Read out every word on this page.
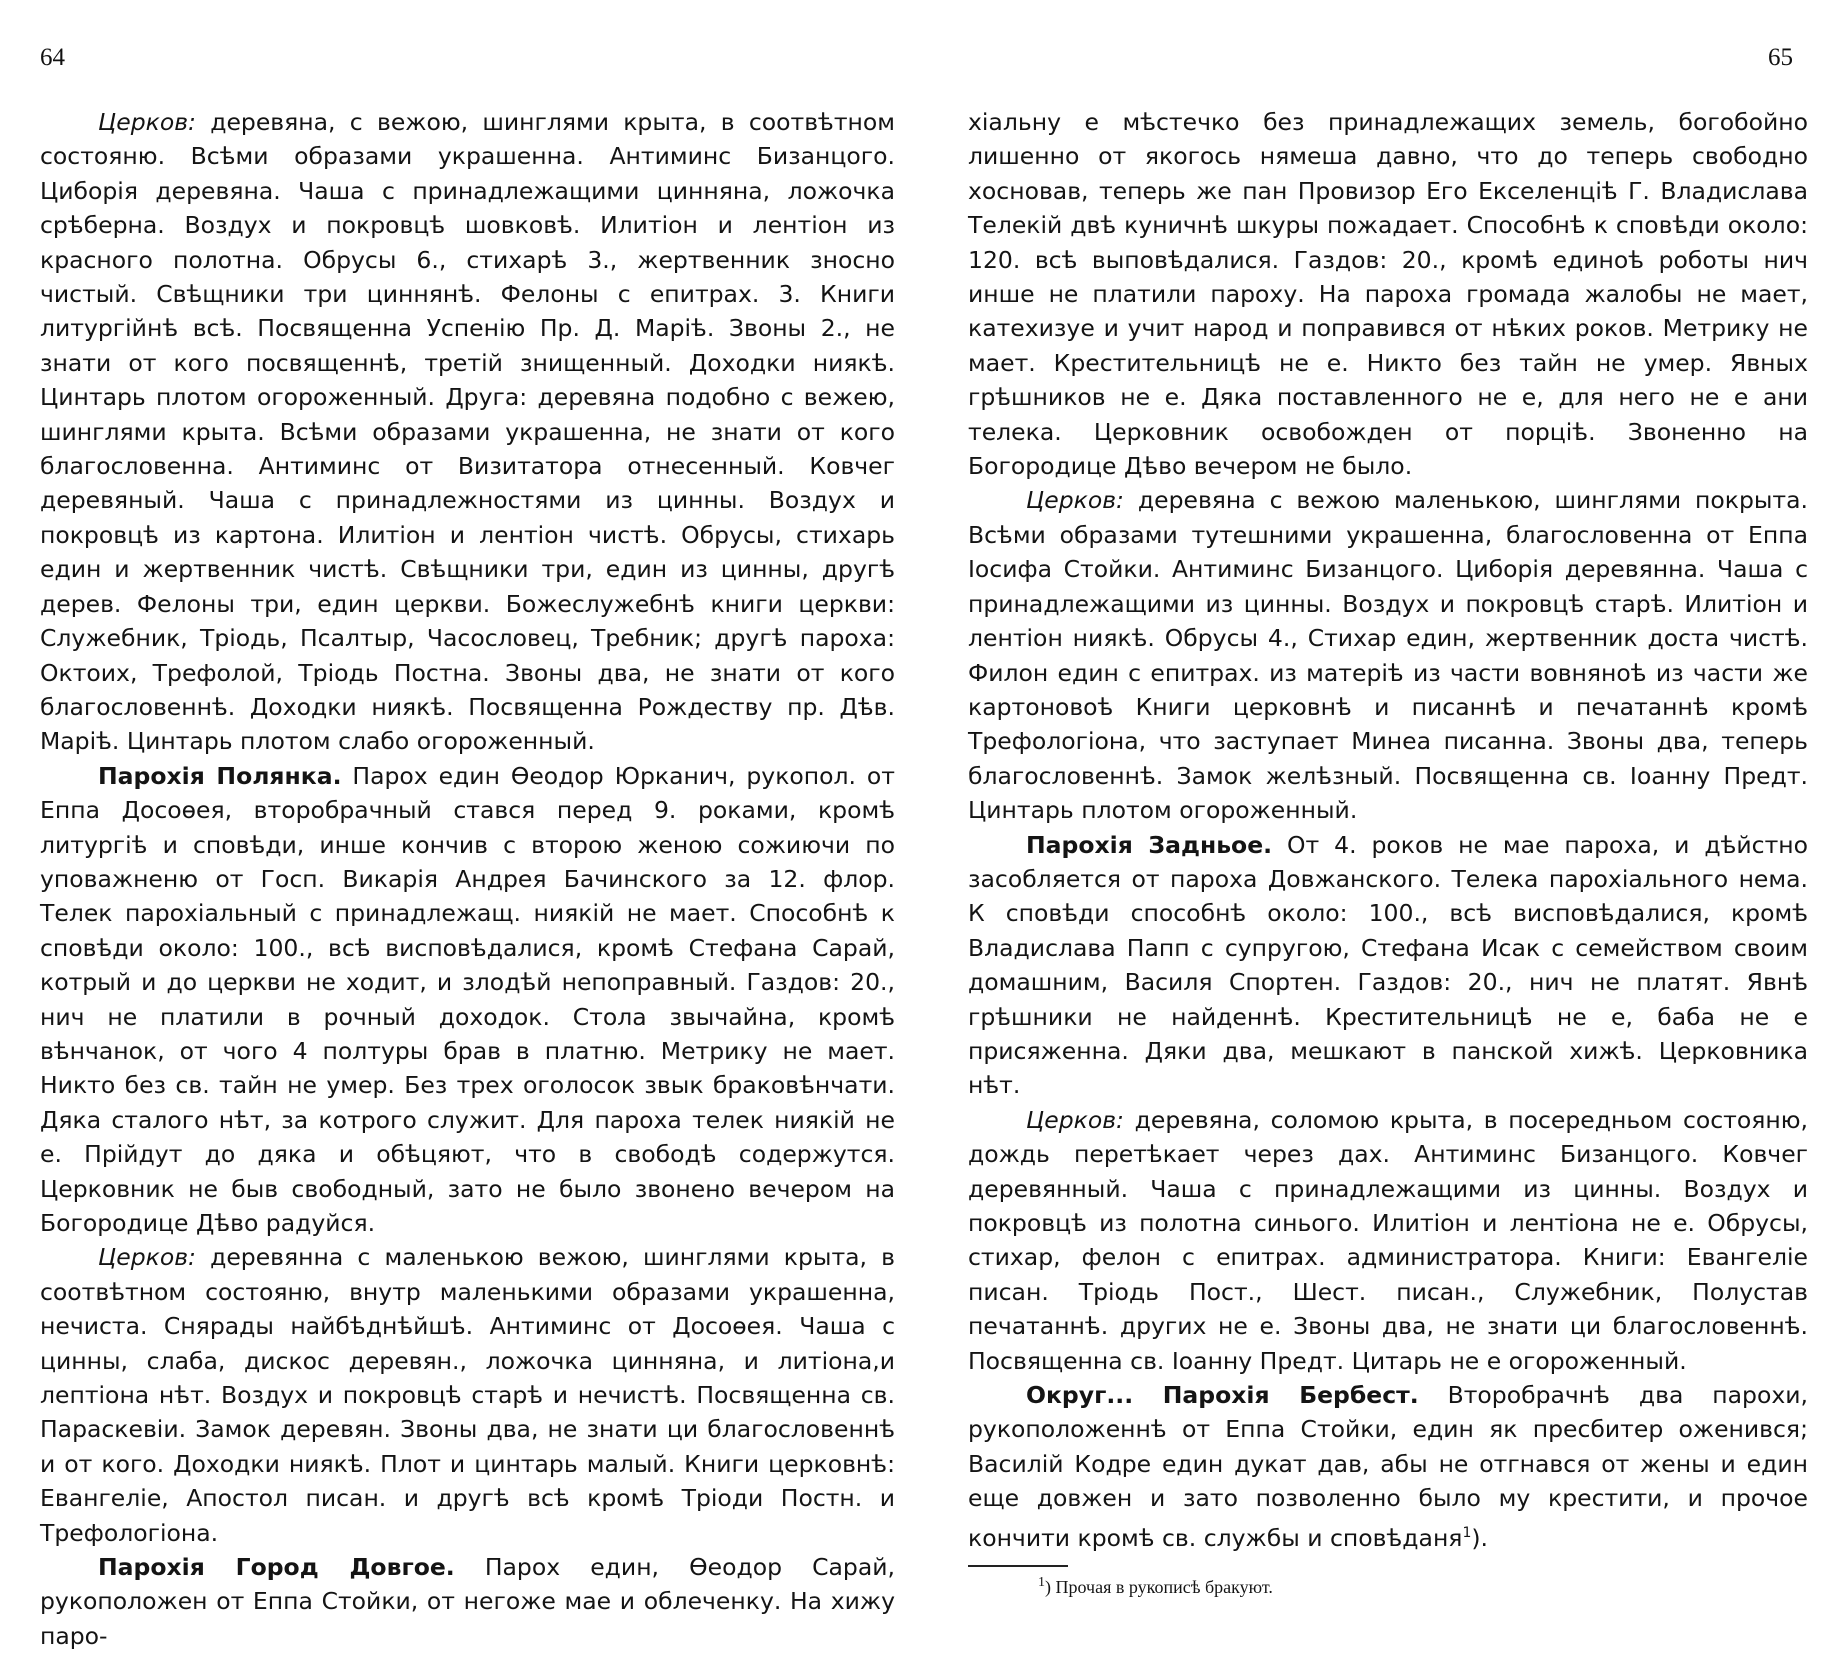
64	65

Церков: деревяна, с вежою, шинглями крыта, в соотвѣтном состояню. Всѣми образами украшенна. Антиминс Бизанцого. Циборія деревяна. Чаша с принадлежащими цинняна, ложочка срѣберна. Воздух и покровцѣ шовковѣ. Илитіон и лентіон из красного полотна. Обрусы 6., стихарѣ 3., жертвенник зносно чистый. Свѣщники три циннянѣ. Фелоны с епитрах. 3. Книги литургійнѣ всѣ. Посвященна Успенію Пр. Д. Маріѣ. Звоны 2., не знати от кого посвященнѣ, третій знищенный. Доходки ниякѣ. Цинтарь плотом огороженный. Друга: деревяна подобно с вежею, шинглями крыта. Всѣми образами украшенна, не знати от кого благословенна. Антиминс от Визитатора отнесенный. Ковчег деревяный. Чаша с принадлежностями из цинны. Воздух и покровцѣ из картона. Илитіон и лентіон чистѣ. Обрусы, стихарь един и жертвенник чистѣ. Свѣщники три, един из цинны, другѣ дерев. Фелоны три, един церкви. Божеслужебнѣ книги церкви: Служебник, Тріодь, Псалтыр, Часословец, Требник; другѣ пароха: Октоих, Трефолой, Тріодь Постна. Звоны два, не знати от кого благословеннѣ. Доходки ниякѣ. Посвященна Рождеству пр. Дѣв. Маріѣ. Цинтарь плотом слабо огороженный.

Парохія Полянка. Парох един Ѳеодор Юрканич, рукопол. от Еппа Досоѳея, второбрачный стався перед 9. роками, кромѣ литургіѣ и сповѣди, инше кончив с второю женою сожиючи по уповажненю от Госп. Викарія Андрея Бачинского за 12. флор. Телек парохіальный с принадлежащ. ниякій не мает. Способнѣ к сповѣди около: 100., всѣ висповѣдалися, кромѣ Стефана Сарай, котрый и до церкви не ходит, и злодѣй непоправный. Газдов: 20., нич не платили в рочный доходок. Стола звычайна, кромѣ вѣнчанок, от чого 4 полтуры брав в платню. Метрику не мает. Никто без св. тайн не умер. Без трех оголосок звык браковѣнчати. Дяка сталого нѣт, за котрого служит. Для пароха телек ниякій не е. Прійдут до дяка и обѣцяют, что в свободѣ содержутся. Церковник не быв свободный, зато не было звонено вечером на Богородице Дѣво радуйся.

Церков: деревянна с маленькою вежою, шинглями крыта, в соотвѣтном состояню, внутр маленькими образами украшенна, нечиста. Снярады найбѣднѣйшѣ. Антиминс от Досоѳея. Чаша с цинны, слаба, дискос деревян., ложочка цинняна, и литіона,и лептіона нѣт. Воздух и покровцѣ старѣ и нечистѣ. Посвященна св. Параскевіи. Замок деревян. Звоны два, не знати ци благословеннѣ и от кого. Доходки ниякѣ. Плот и цинтарь малый. Книги церковнѣ: Евангеліе, Апостол писан. и другѣ всѣ кромѣ Тріоди Постн. и Трефологіона.

Парохія Город Довгое. Парох един, Ѳеодор Сарай, рукоположен от Еппа Стойки, от негоже мае и облеченку. На хижу паро-

хіальну е мѣстечко без принадлежащих земель, богобойно лишенно от якогось нямеша давно, что до теперь свободно хосновав, теперь же пан Провизор Его Екселенціѣ Г. Владислава Телекій двѣ куничнѣ шкуры пожадает. Способнѣ к сповѣди около: 120. всѣ выповѣдалися. Газдов: 20., кромѣ единоѣ роботы нич инше не платили пароху. На пароха громада жалобы не мает, катехизуе и учит народ и поправився от нѣких роков. Метрику не мает. Крестительницѣ не е. Никто без тайн не умер. Явных грѣшников не е. Дяка поставленного не е, для него не е ани телека. Церковник освобожден от порціѣ. Звоненно на Богородице Дѣво вечером не было.

Церков: деревяна с вежою маленькою, шинглями покрыта. Всѣми образами тутешними украшенна, благословенна от Еппа Іосифа Стойки. Антиминс Бизанцого. Циборія деревянна. Чаша с принадлежащими из цинны. Воздух и покровцѣ старѣ. Илитіон и лентіон ниякѣ. Обрусы 4., Стихар един, жертвенник доста чистѣ. Филон един с епитрах. из матеріѣ из части вовняноѣ из части же картоновоѣ Книги церковнѣ и писаннѣ и печатаннѣ кромѣ Трефологіона, что заступает Минеа писанна. Звоны два, теперь благословеннѣ. Замок желѣзный. Посвященна св. Іоанну Предт. Цинтарь плотом огороженный.

Парохія Задньое. От 4. роков не мае пароха, и дѣйстно засобляется от пароха Довжанского. Телека парохіального нема. К сповѣди способнѣ около: 100., всѣ висповѣдалися, кромѣ Владислава Папп с супругою, Стефана Исак с семейством своим домашним, Василя Спортен. Газдов: 20., нич не платят. Явнѣ грѣшники не найденнѣ. Крестительницѣ не е, баба не е присяженна. Дяки два, мешкают в панской хижѣ. Церковника нѣт.

Церков: деревяна, соломою крыта, в посередньом состояню, дождь перетѣкает через дах. Антиминс Бизанцого. Ковчег деревянный. Чаша с принадлежащими из цинны. Воздух и покровцѣ из полотна синього. Илитіон и лентіона не е. Обрусы, стихар, фелон с епитрах. администратора. Книги: Евангеліе писан. Тріодь Пост., Шест. писан., Служебник, Полустав печатаннѣ. других не е. Звоны два, не знати ци благословеннѣ. Посвященна св. Іоанну Предт. Цитарь не е огороженный.

Округ... Парохія Бербест. Второбрачнѣ два парохи, рукоположеннѣ от Еппа Стойки, един як пресбитер оженився; Василій Кодре един дукат дав, абы не отгнався от жены и един еще довжен и зато позволенно было му крестити, и прочое кончити кромѣ св. службы и сповѣданя$^1$).

$^1$) Прочая в рукописѣ бракуют.
